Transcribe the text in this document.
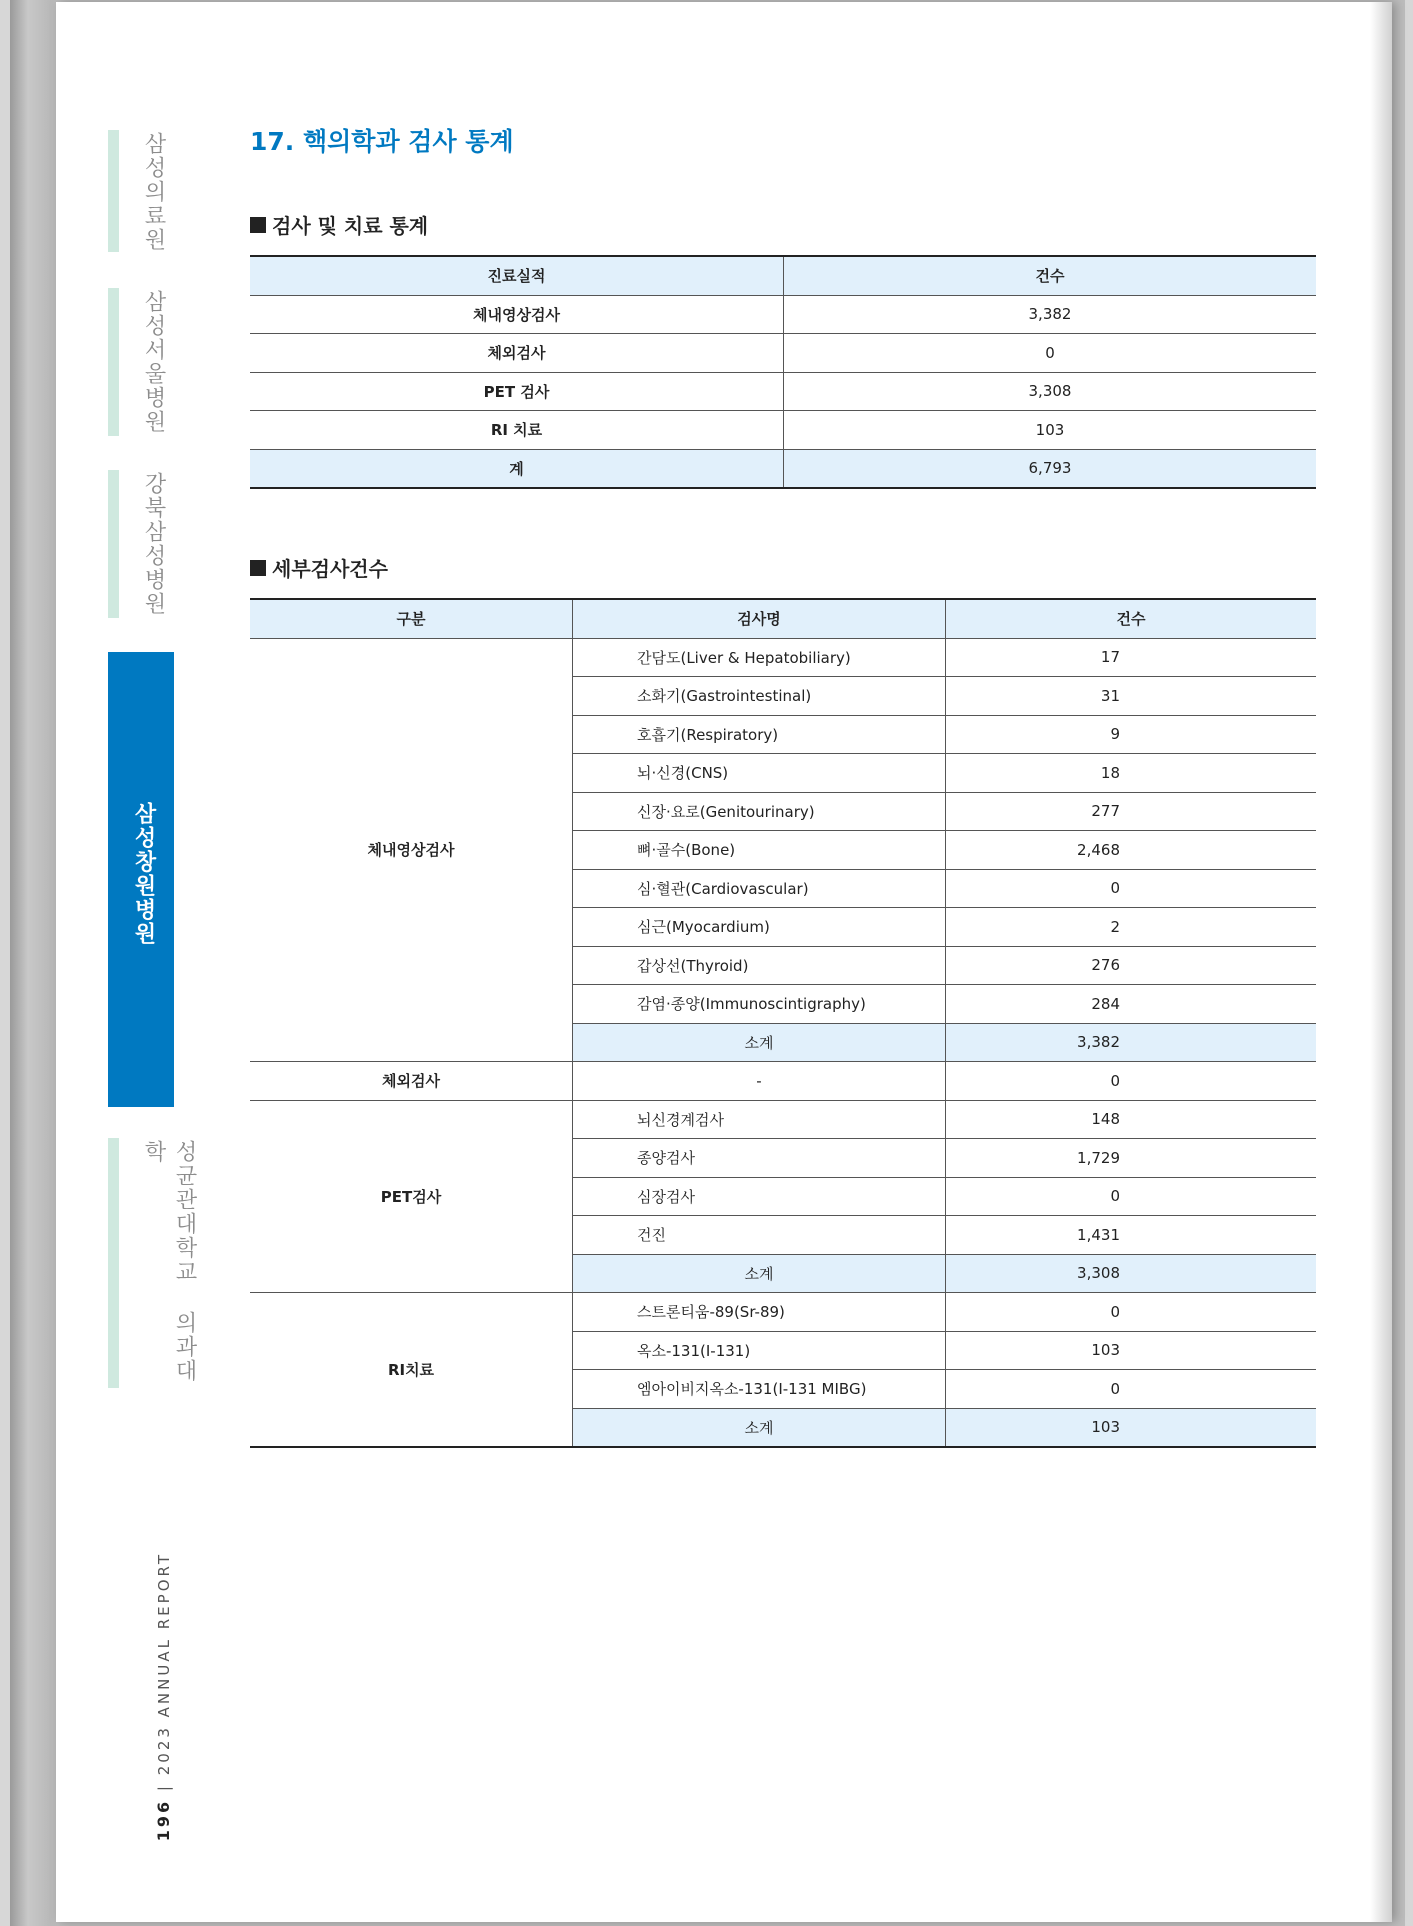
삼성의료원
삼성서울병원
강북삼성병원
삼성창원병원
성균관대학교 의과대학
196 | 2023 ANNUAL REPORT
17. 핵의학과 검사 통계
검사 및 치료 통계
진료실적	건수
체내영상검사	3,382
체외검사	0
PET 검사	3,308
RI 치료	103
계	6,793
세부검사건수
구분	검사명	건수
체내영상검사	간담도(Liver & Hepatobiliary)	17
	소화기(Gastrointestinal)	31
	호흡기(Respiratory)	9
	뇌·신경(CNS)	18
	신장·요로(Genitourinary)	277
	뼈·골수(Bone)	2,468
	심·혈관(Cardiovascular)	0
	심근(Myocardium)	2
	갑상선(Thyroid)	276
	감염·종양(Immunoscintigraphy)	284
	소계	3,382
체외검사	-	0
PET검사	뇌신경계검사	148
	종양검사	1,729
	심장검사	0
	건진	1,431
	소계	3,308
RI치료	스트론티움-89(Sr-89)	0
	옥소-131(I-131)	103
	엠아이비지옥소-131(I-131 MIBG)	0
	소계	103
